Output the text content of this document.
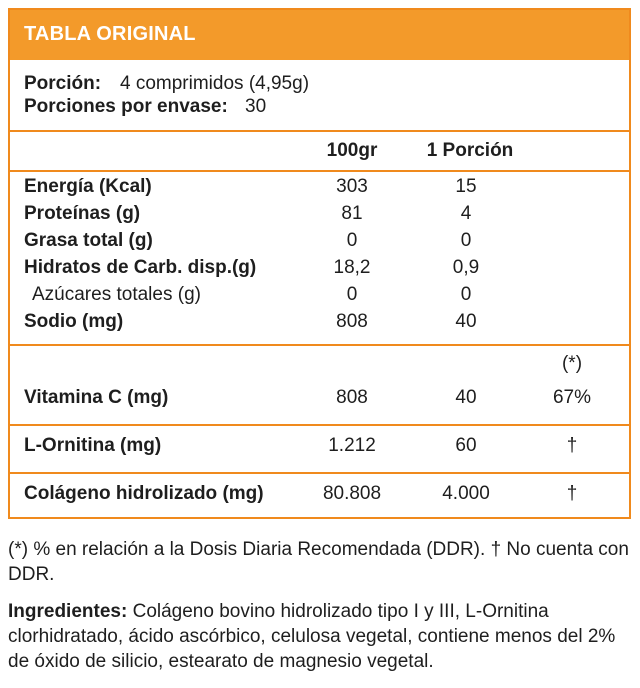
TABLA ORIGINAL
Porción: 4 comprimidos (4,95g)
Porciones por envase: 30
100gr	1 Porción
Energía (Kcal)	303	15
Proteínas (g)	81	4
Grasa total (g)	0	0
Hidratos de Carb. disp.(g)	18,2	0,9
Azúcares totales (g)	0	0
Sodio (mg)	808	40
(*)
Vitamina C (mg)	808	40	67%
L-Ornitina (mg)	1.212	60	†
Colágeno hidrolizado (mg)	80.808	4.000	†

(*) % en relación a la Dosis Diaria Recomendada (DDR). † No cuenta con DDR.

Ingredientes: Colágeno bovino hidrolizado tipo I y III, L-Ornitina clorhidratado, ácido ascórbico, celulosa vegetal, contiene menos del 2% de óxido de silicio, estearato de magnesio vegetal.
